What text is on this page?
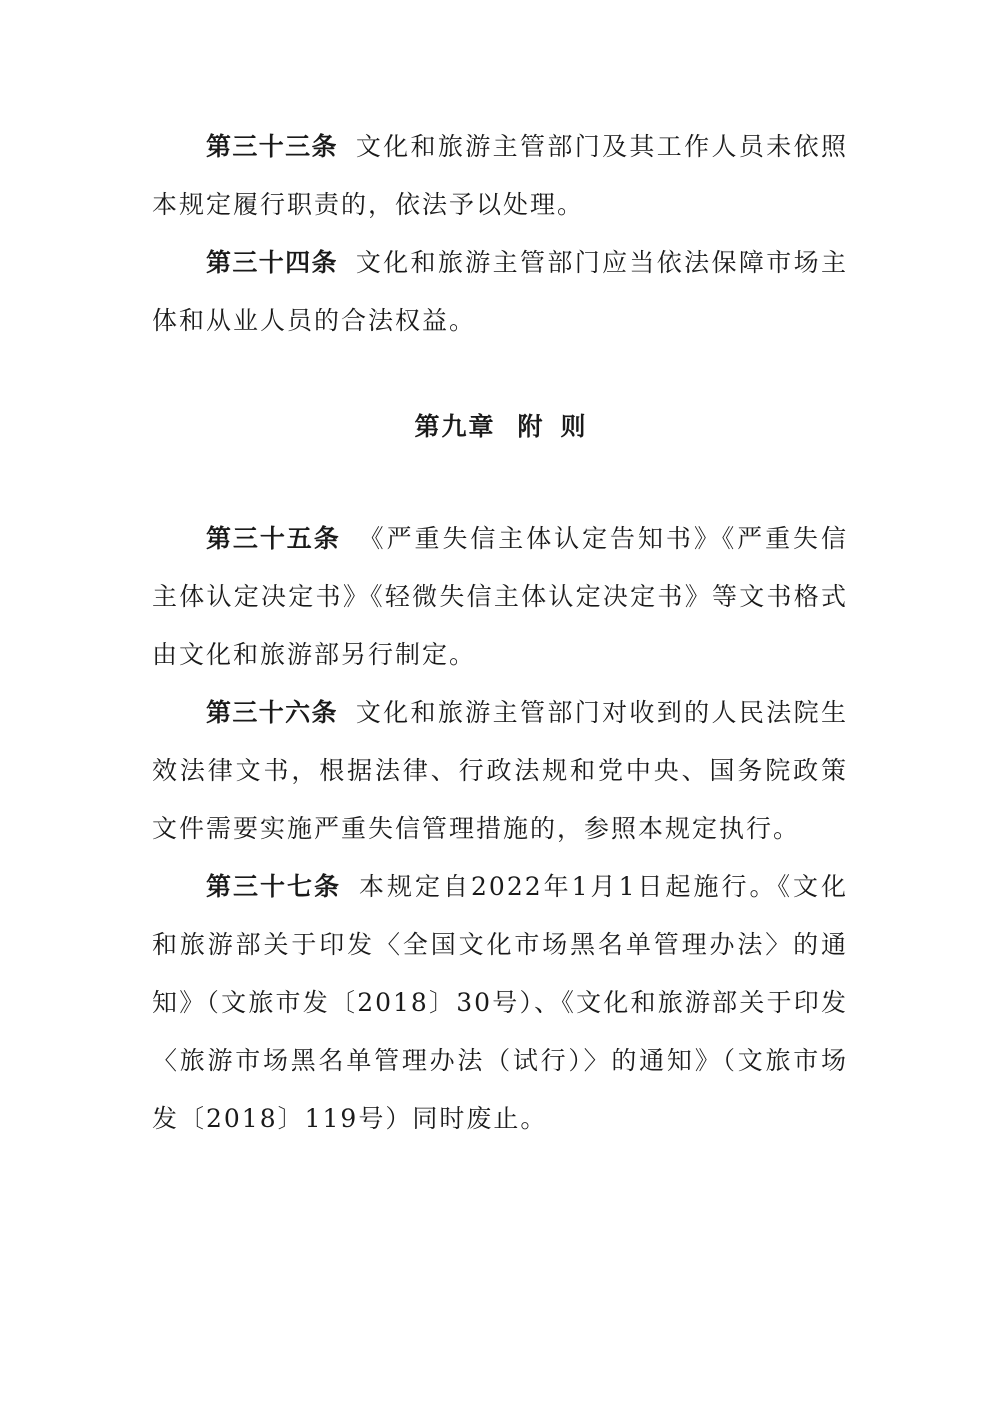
第三十三条 文化和旅游主管部门及其工作人员未依照本规定履行职责的，依法予以处理。

第三十四条 文化和旅游主管部门应当依法保障市场主体和从业人员的合法权益。

第九章 附则

第三十五条 《严重失信主体认定告知书》《严重失信主体认定决定书》《轻微失信主体认定决定书》等文书格式由文化和旅游部另行制定。

第三十六条 文化和旅游主管部门对收到的人民法院生效法律文书，根据法律、行政法规和党中央、国务院政策文件需要实施严重失信管理措施的，参照本规定执行。

第三十七条 本规定自2022年1月1日起施行。《文化和旅游部关于印发〈全国文化市场黑名单管理办法〉的通知》（文旅市发〔2018〕30号）、《文化和旅游部关于印发〈旅游市场黑名单管理办法（试行）〉的通知》（文旅市场发〔2018〕119号）同时废止。
